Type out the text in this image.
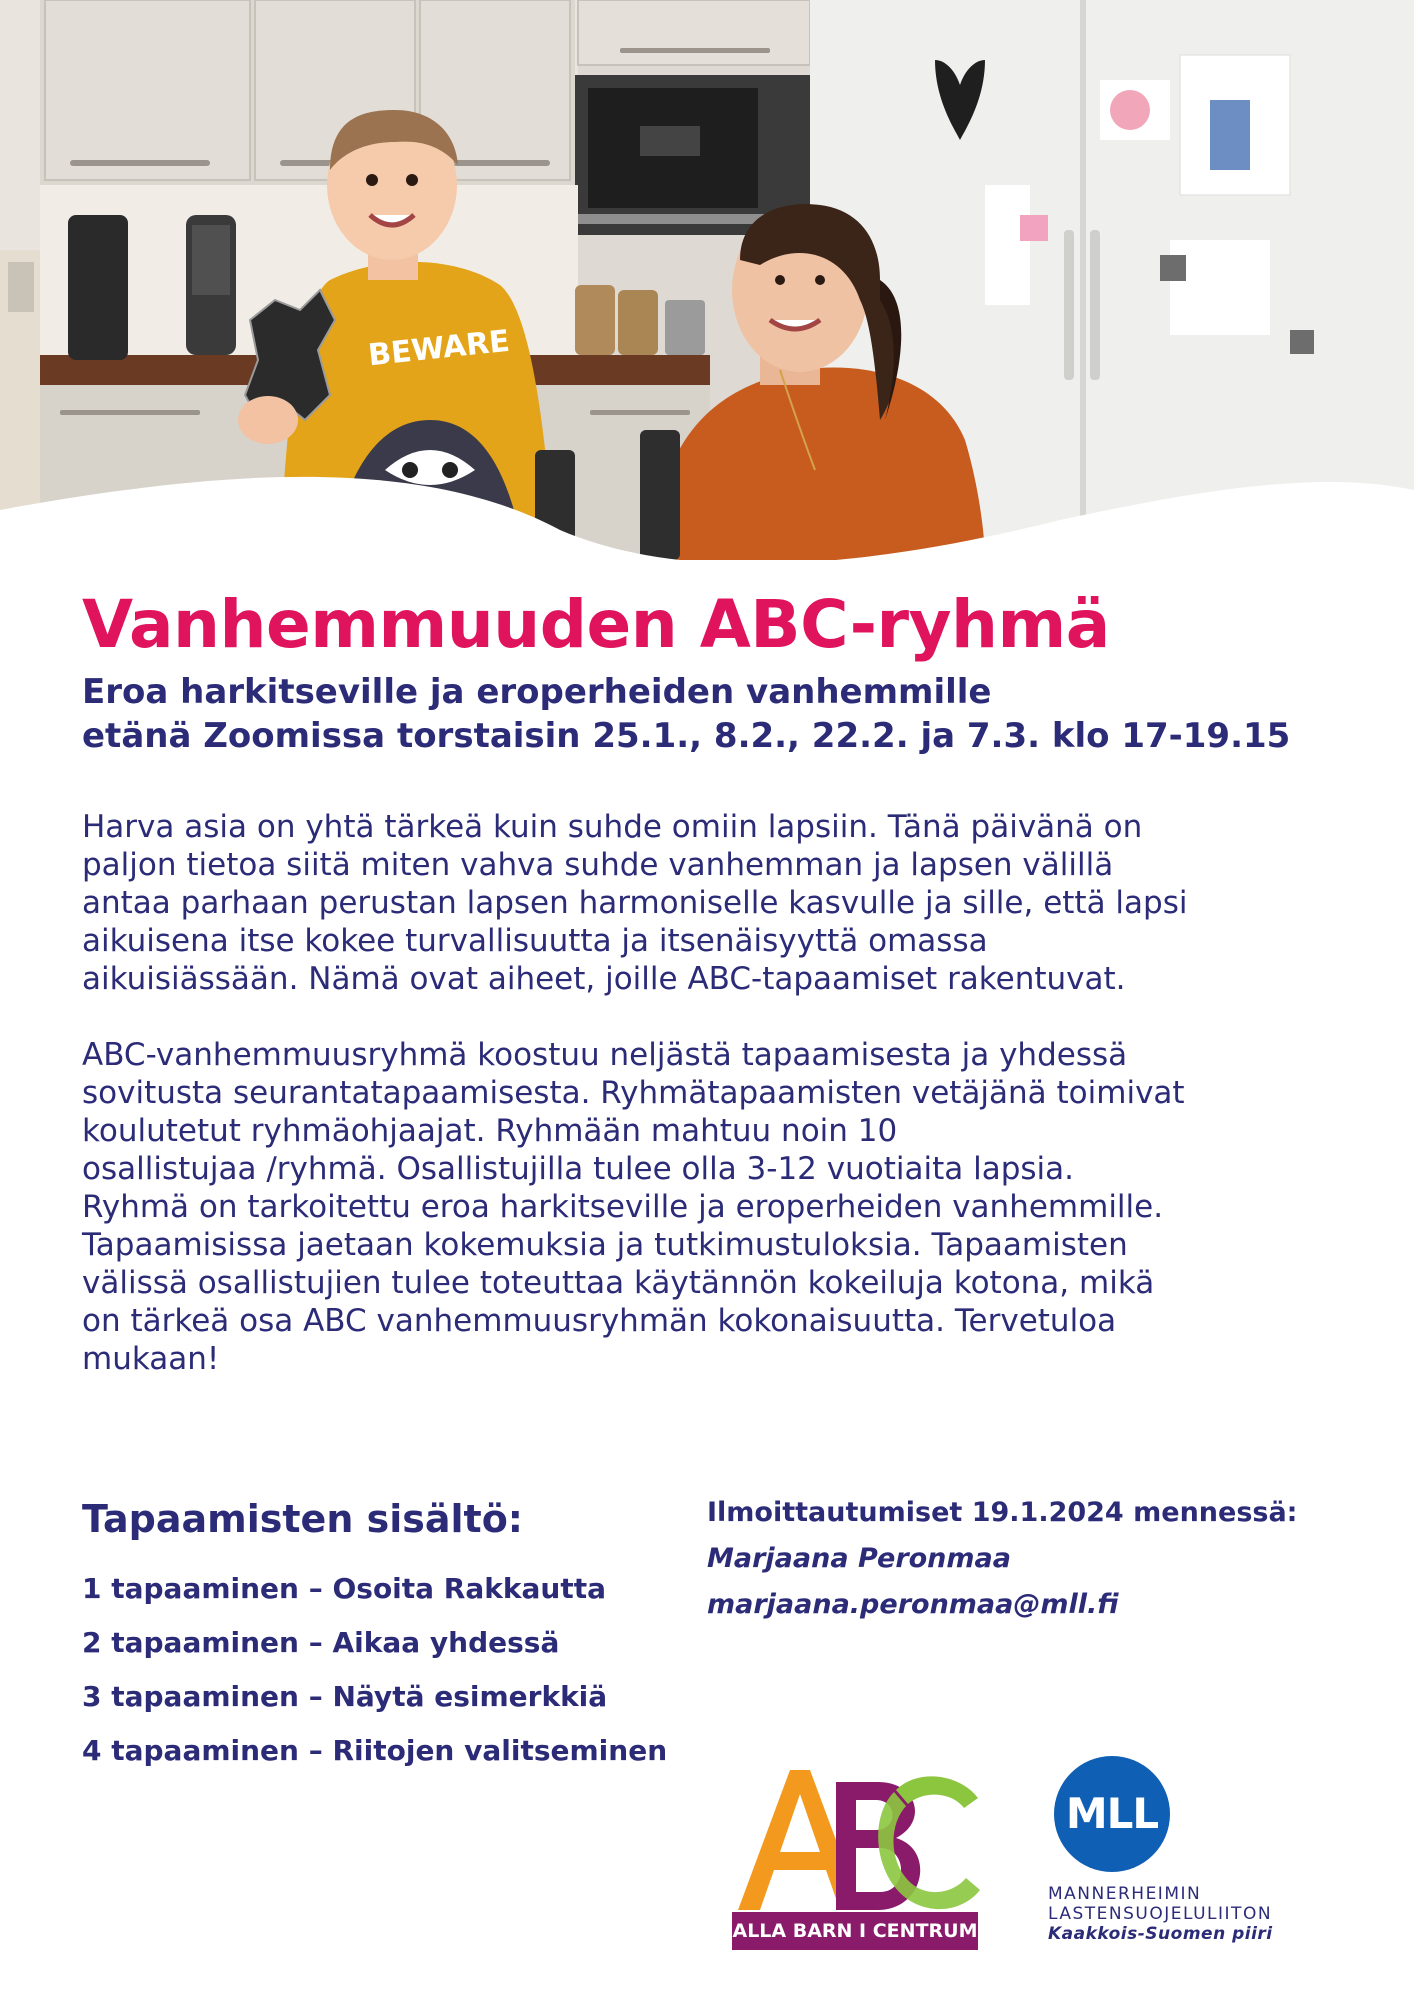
BEWARE
Vanhemmuuden ABC-ryhmä
Eroa harkitseville ja eroperheiden vanhemmille
etänä Zoomissa torstaisin 25.1., 8.2., 22.2. ja 7.3. klo 17-19.15
Harva asia on yhtä tärkeä kuin suhde omiin lapsiin. Tänä päivänä on
paljon tietoa siitä miten vahva suhde vanhemman ja lapsen välillä
antaa parhaan perustan lapsen harmoniselle kasvulle ja sille, että lapsi
aikuisena itse kokee turvallisuutta ja itsenäisyyttä omassa
aikuisiässään. Nämä ovat aiheet, joille ABC-tapaamiset rakentuvat.
ABC-vanhemmuusryhmä koostuu neljästä tapaamisesta ja yhdessä
sovitusta seurantatapaamisesta. Ryhmätapaamisten vetäjänä toimivat
koulutetut ryhmäohjaajat. Ryhmään mahtuu noin 10
osallistujaa /ryhmä. Osallistujilla tulee olla 3-12 vuotiaita lapsia.
Ryhmä on tarkoitettu eroa harkitseville ja eroperheiden vanhemmille.
Tapaamisissa jaetaan kokemuksia ja tutkimustuloksia. Tapaamisten
välissä osallistujien tulee toteuttaa käytännön kokeiluja kotona, mikä
on tärkeä osa ABC vanhemmuusryhmän kokonaisuutta. Tervetuloa
mukaan!
Tapaamisten sisältö:
1 tapaaminen – Osoita Rakkautta
2 tapaaminen – Aikaa yhdessä
3 tapaaminen – Näytä esimerkkiä
4 tapaaminen – Riitojen valitseminen
Ilmoittautumiset 19.1.2024 mennessä:
Marjaana Peronmaa
marjaana.peronmaa@mll.fi
ALLA BARN I CENTRUM
MLL
MANNERHEIMIN
LASTENSUOJELULIITON
Kaakkois-Suomen piiri
